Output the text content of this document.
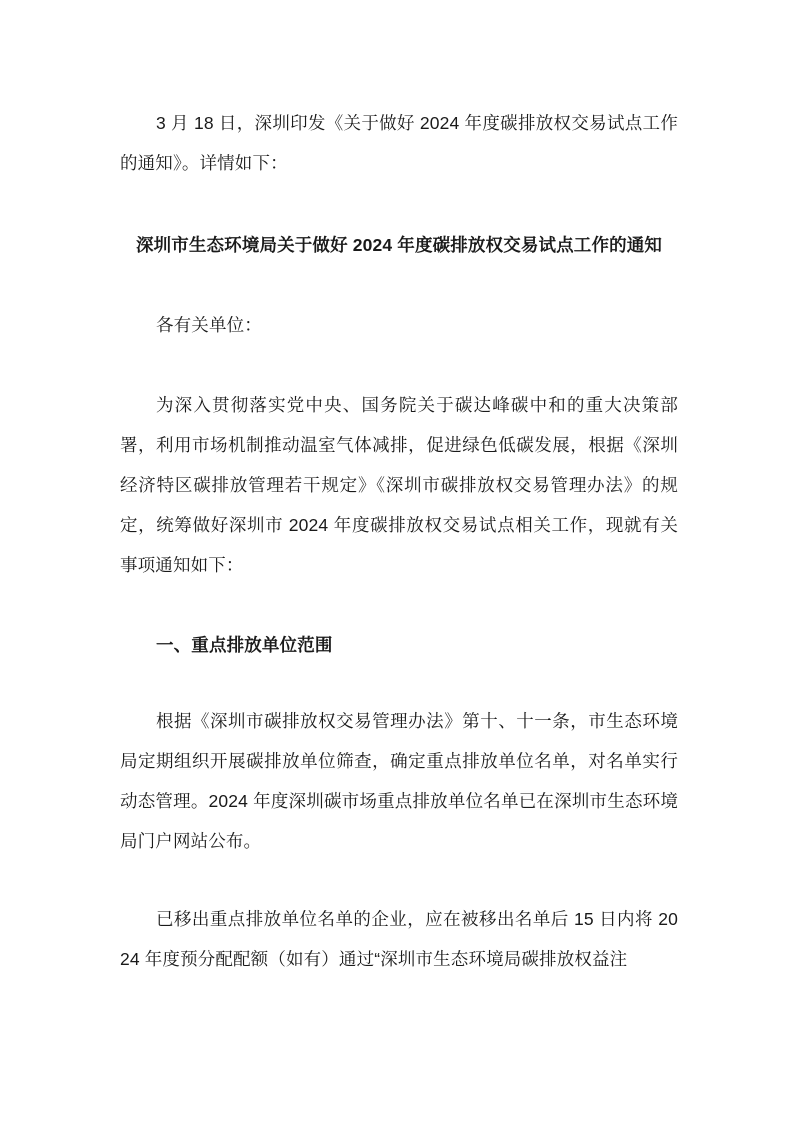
3 月 18 日，深圳印发《关于做好 2024 年度碳排放权交易试点工作的通知》。详情如下：

深圳市生态环境局关于做好 2024 年度碳排放权交易试点工作的通知

各有关单位：

为深入贯彻落实党中央、国务院关于碳达峰碳中和的重大决策部署，利用市场机制推动温室气体减排，促进绿色低碳发展，根据《深圳经济特区碳排放管理若干规定》《深圳市碳排放权交易管理办法》的规定，统筹做好深圳市 2024 年度碳排放权交易试点相关工作，现就有关事项通知如下：

一、重点排放单位范围

根据《深圳市碳排放权交易管理办法》第十、十一条，市生态环境局定期组织开展碳排放单位筛查，确定重点排放单位名单，对名单实行动态管理。2024 年度深圳碳市场重点排放单位名单已在深圳市生态环境局门户网站公布。

已移出重点排放单位名单的企业，应在被移出名单后 15 日内将 2024 年度预分配配额（如有）通过“深圳市生态环境局碳排放权益注
